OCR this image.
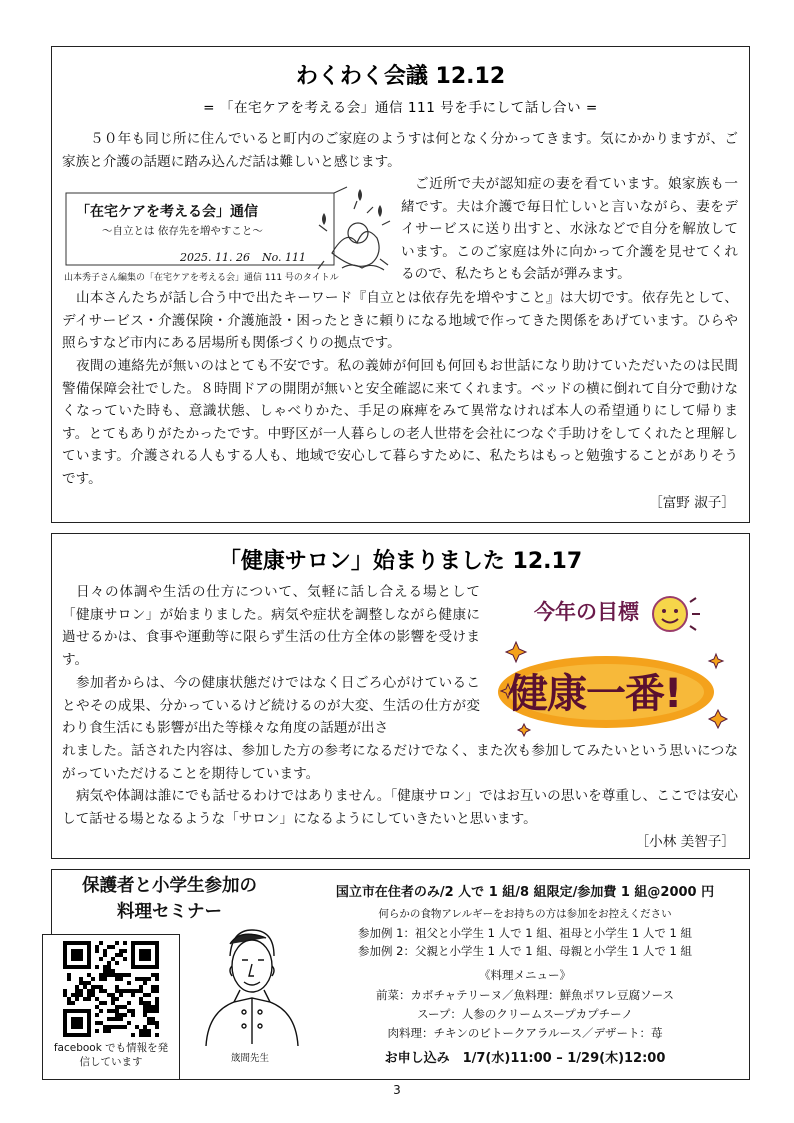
わくわく会議 12.12
= 「在宅ケアを考える会」通信 111 号を手にして話し合い =

５０年も同じ所に住んでいると町内のご家庭のようすは何となく分かってきます。気にかかりますが、ご家族と介護の話題に踏み込んだ話は難しいと感じます。

「在宅ケアを考える会」通信
～自立とは 依存先を増やすこと～
2025. 11. 26 No. 111
山本秀子さん編集の「在宅ケアを考える会」通信 111 号のタイトル

ご近所で夫が認知症の妻を看ています。娘家族も一緒です。夫は介護で毎日忙しいと言いながら、妻をデイサービスに送り出すと、水泳などで自分を解放しています。このご家庭は外に向かって介護を見せてくれるので、私たちとも会話が弾みます。

山本さんたちが話し合う中で出たキーワード『自立とは依存先を増やすこと』は大切です。依存先として、デイサービス・介護保険・介護施設・困ったときに頼りになる地域で作ってきた関係をあげています。ひらや照らすなど市内にある居場所も関係づくりの拠点です。

夜間の連絡先が無いのはとても不安です。私の義姉が何回も何回もお世話になり助けていただいたのは民間警備保障会社でした。８時間ドアの開閉が無いと安全確認に来てくれます。ベッドの横に倒れて自分で動けなくなっていた時も、意識状態、しゃべりかた、手足の麻痺をみて異常なければ本人の希望通りにして帰ります。とてもありがたかったです。中野区が一人暮らしの老人世帯を会社につなぐ手助けをしてくれたと理解しています。介護される人もする人も、地域で安心して暮らすために、私たちはもっと勉強することがありそうです。

［富野 淑子］
「健康サロン」始まりました 12.17

日々の体調や生活の仕方について、気軽に話し合える場として「健康サロン」が始まりました。病気や症状を調整しながら健康に過せるかは、食事や運動等に限らず生活の仕方全体の影響を受けます。

参加者からは、今の健康状態だけではなく日ごろ心がけていることやその成果、分かっているけど続けるのが大変、生活の仕方が変わり食生活にも影響が出た等様々な角度の話題が出さ

れました。話された内容は、参加した方の参考になるだけでなく、また次も参加してみたいという思いにつながっていただけることを期待しています。

病気や体調は誰にでも話せるわけではありません。「健康サロン」ではお互いの思いを尊重し、ここでは安心して話せる場となるような「サロン」になるようにしていきたいと思います。

［小林 美智子］
今年の目標
健康一番!
保護者と小学生参加の
料理セミナー
facebook でも情報を発信しています	筬間先生
国立市在住者のみ/2 人で 1 組/8 組限定/参加費 1 組@2000 円
何らかの食物アレルギーをお持ちの方は参加をお控えください
参加例 1：祖父と小学生 1 人で 1 組、祖母と小学生 1 人で 1 組
参加例 2：父親と小学生 1 人で 1 組、母親と小学生 1 人で 1 組
《料理メニュー》
前菜：カボチャテリーヌ／魚料理：鮮魚ポワレ豆腐ソース
スープ：人参のクリームスープカプチーノ
肉料理：チキンのビトークアラルース／デザート：苺
お申し込み　1/7(水)11:00 – 1/29(木)12:00
3
